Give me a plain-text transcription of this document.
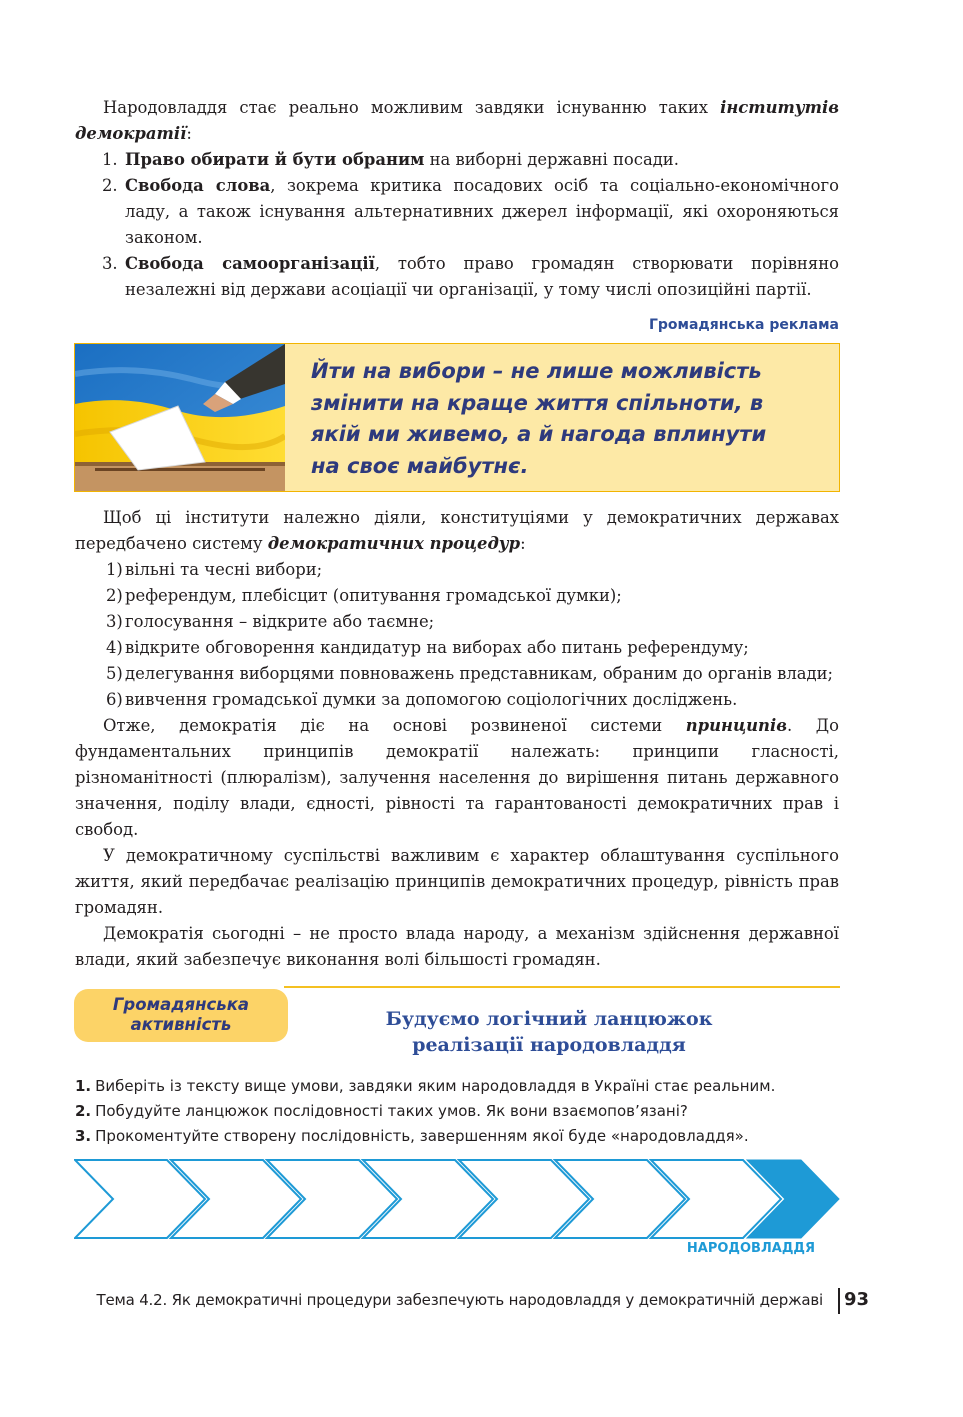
Народовладдя стає реально можливим завдяки існуванню таких інститутів демократії:

1. Право обирати й бути обраним на виборні державні посади.

2. Свобода слова, зокрема критика посадових осіб та соціально-економічного ладу, а також існування альтернативних джерел інформації, які охороняються законом.

3. Свобода самоорганізації, тобто право громадян створювати порівняно незалежні від держави асоціації чи організації, у тому числі опозиційні партії.

Громадянська реклама
Йти на вибори – не лише можливість змінити на краще життя спільноти, в якій ми живемо, а й нагода вплинути на своє майбутнє.

Щоб ці інститути належно діяли, конституціями у демократичних державах передбачено систему демократичних процедур:

1) вільні та чесні вибори;

2) референдум, плебісцит (опитування громадської думки);

3) голосування – відкрите або таємне;

4) відкрите обговорення кандидатур на виборах або питань референдуму;

5) делегування виборцями повноважень представникам, обраним до органів влади;

6) вивчення громадської думки за допомогою соціологічних досліджень.

Отже, демократія діє на основі розвиненої системи принципів. До фундаментальних принципів демократії належать: принципи гласності, різноманітності (плюралізм), залучення населення до вирішення питань державного значення, поділу влади, єдності, рівності та гарантованості демократичних прав і свобод.

У демократичному суспільстві важливим є характер облаштування суспільного життя, який передбачає реалізацію принципів демократичних процедур, рівність прав громадян.

Демократія сьогодні – не просто влада народу, а механізм здійснення державної влади, який забезпечує виконання волі більшості громадян.

Громадянська
активність	Будуємо логічний ланцюжок
реалізації народовладдя
1. Виберіть із тексту вище умови, завдяки яким народовладдя в Україні стає реальним.
2. Побудуйте ланцюжок послідовності таких умов. Як вони взаємопов’язані?
3. Прокоментуйте створену послідовність, завершенням якої буде «народовладдя».
НАРОДОВЛАДДЯ
Тема 4.2. Як демократичні процедури забезпечують народовладдя у демократичній державі 93
